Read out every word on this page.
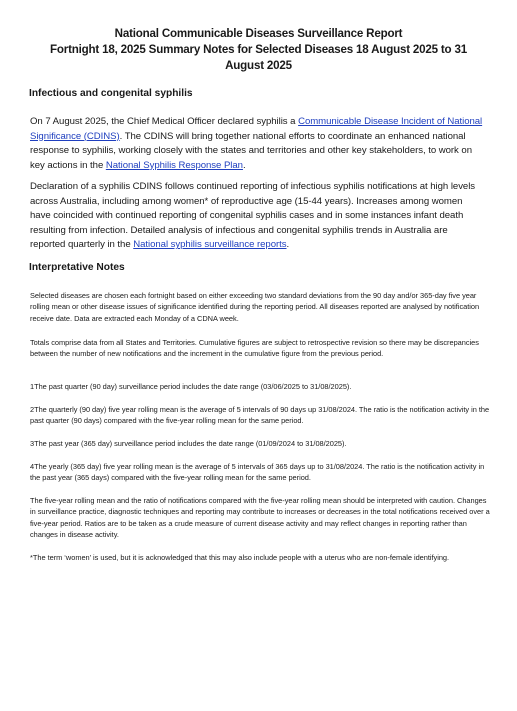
National Communicable Diseases Surveillance Report
Fortnight 18, 2025 Summary Notes for Selected Diseases 18 August 2025 to 31 August 2025
Infectious and congenital syphilis
On 7 August 2025, the Chief Medical Officer declared syphilis a Communicable Disease Incident of National Significance (CDINS). The CDINS will bring together national efforts to coordinate an enhanced national response to syphilis, working closely with the states and territories and other key stakeholders, to work on key actions in the National Syphilis Response Plan.
Declaration of a syphilis CDINS follows continued reporting of infectious syphilis notifications at high levels across Australia, including among women* of reproductive age (15-44 years). Increases among women have coincided with continued reporting of congenital syphilis cases and in some instances infant death resulting from infection. Detailed analysis of infectious and congenital syphilis trends in Australia are reported quarterly in the National syphilis surveillance reports.
Interpretative Notes
Selected diseases are chosen each fortnight based on either exceeding two standard deviations from the 90 day and/or 365-day five year rolling mean or other disease issues of significance identified during the reporting period. All diseases reported are analysed by notification receive date. Data are extracted each Monday of a CDNA week.
Totals comprise data from all States and Territories. Cumulative figures are subject to retrospective revision so there may be discrepancies between the number of new notifications and the increment in the cumulative figure from the previous period.
1The past quarter (90 day) surveillance period includes the date range (03/06/2025 to 31/08/2025).
2The quarterly (90 day) five year rolling mean is the average of 5 intervals of 90 days up 31/08/2024. The ratio is the notification activity in the past quarter (90 days) compared with the five-year rolling mean for the same period.
3The past year (365 day) surveillance period includes the date range (01/09/2024 to 31/08/2025).
4The yearly (365 day) five year rolling mean is the average of 5 intervals of 365 days up to 31/08/2024. The ratio is the notification activity in the past year (365 days) compared with the five-year rolling mean for the same period.
The five-year rolling mean and the ratio of notifications compared with the five-year rolling mean should be interpreted with caution. Changes in surveillance practice, diagnostic techniques and reporting may contribute to increases or decreases in the total notifications received over a five-year period. Ratios are to be taken as a crude measure of current disease activity and may reflect changes in reporting rather than changes in disease activity.
*The term ‘women’ is used, but it is acknowledged that this may also include people with a uterus who are non-female identifying.
